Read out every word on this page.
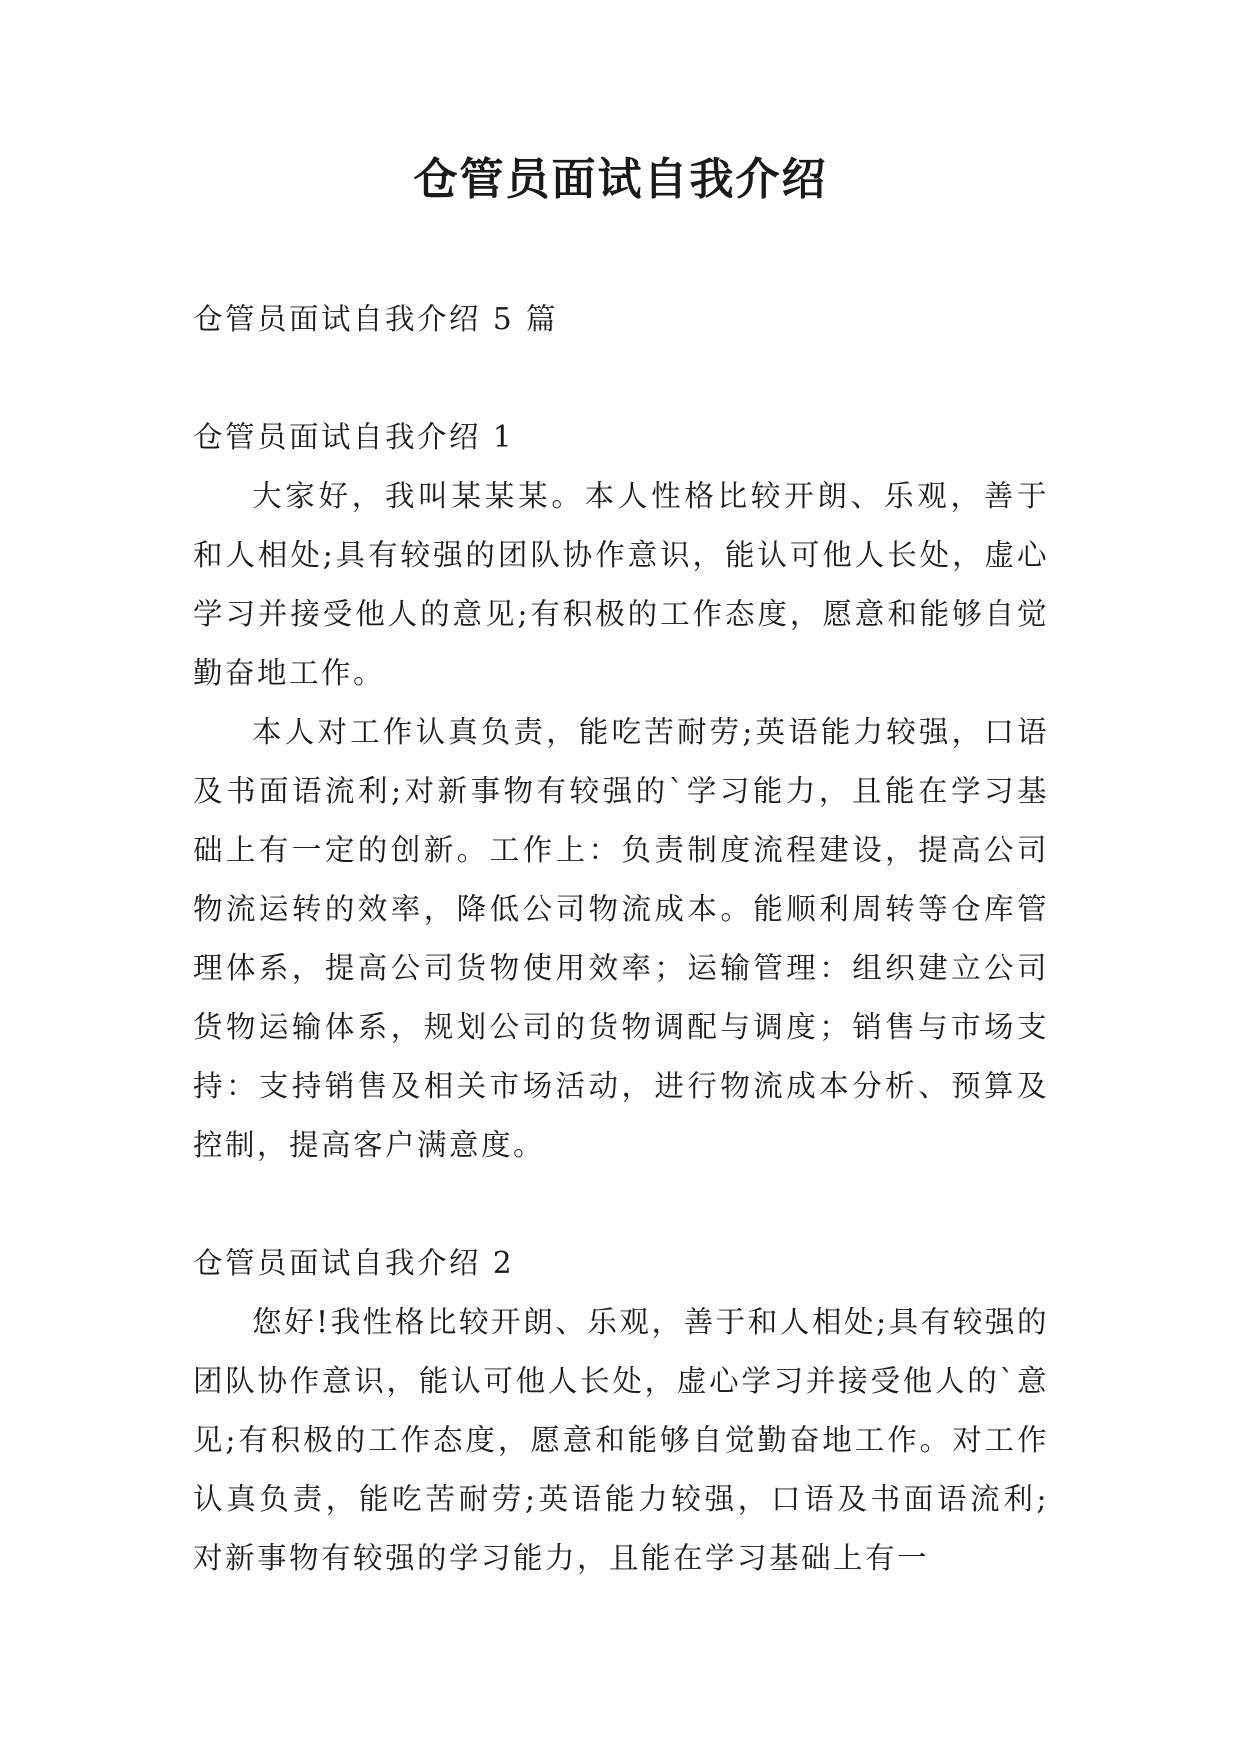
仓管员面试自我介绍

仓管员面试自我介绍 5 篇

仓管员面试自我介绍 1

大家好，我叫某某某。本人性格比较开朗、乐观，善于和人相处;具有较强的团队协作意识，能认可他人长处，虚心学习并接受他人的意见;有积极的工作态度，愿意和能够自觉勤奋地工作。

本人对工作认真负责，能吃苦耐劳;英语能力较强，口语及书面语流利;对新事物有较强的`学习能力，且能在学习基础上有一定的创新。工作上：负责制度流程建设，提高公司物流运转的效率，降低公司物流成本。能顺利周转等仓库管理体系，提高公司货物使用效率；运输管理：组织建立公司货物运输体系，规划公司的货物调配与调度；销售与市场支持：支持销售及相关市场活动，进行物流成本分析、预算及控制，提高客户满意度。

仓管员面试自我介绍 2

您好!我性格比较开朗、乐观，善于和人相处;具有较强的团队协作意识，能认可他人长处，虚心学习并接受他人的`意见;有积极的工作态度，愿意和能够自觉勤奋地工作。对工作认真负责，能吃苦耐劳;英语能力较强，口语及书面语流利;对新事物有较强的学习能力，且能在学习基础上有一
